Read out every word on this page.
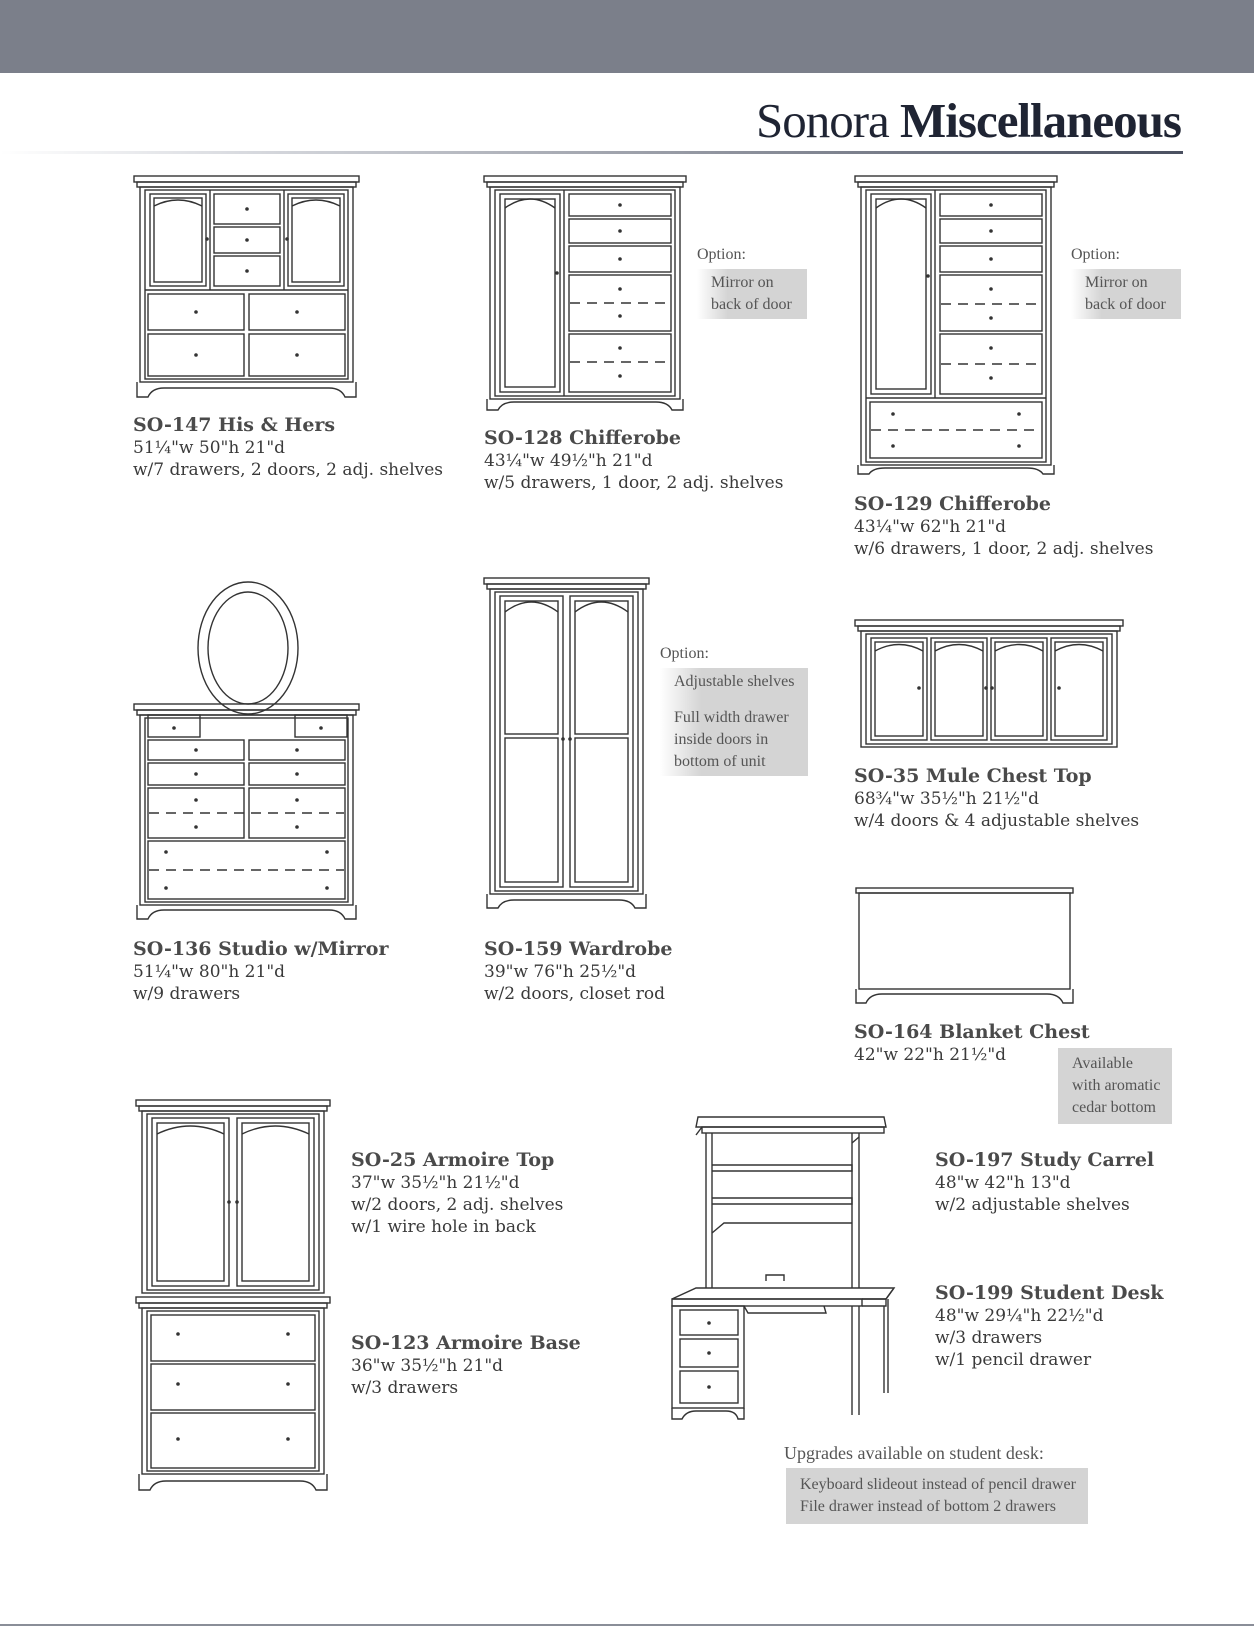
Sonora Miscellaneous
SO-147 His & Hers
51¼"w 50"h 21"d
w/7 drawers, 2 doors, 2 adj. shelves
Option:
Mirror on
back of door
SO-128 Chifferobe
43¼"w 49½"h 21"d
w/5 drawers, 1 door, 2 adj. shelves
Option:
Mirror on
back of door
SO-129 Chifferobe
43¼"w 62"h 21"d
w/6 drawers, 1 door, 2 adj. shelves
SO-136 Studio w/Mirror
51¼"w 80"h 21"d
w/9 drawers
Option:
Adjustable shelves
Full width drawer
inside doors in
bottom of unit
SO-159 Wardrobe
39"w 76"h 25½"d
w/2 doors, closet rod
SO-35 Mule Chest Top
68¾"w 35½"h 21½"d
w/4 doors & 4 adjustable shelves
SO-164 Blanket Chest
42"w 22"h 21½"d	Available
with aromatic
cedar bottom
SO-25 Armoire Top
37"w 35½"h 21½"d
w/2 doors, 2 adj. shelves
w/1 wire hole in back
SO-123 Armoire Base
36"w 35½"h 21"d
w/3 drawers
SO-197 Study Carrel
48"w 42"h 13"d
w/2 adjustable shelves
SO-199 Student Desk
48"w 29¼"h 22½"d
w/3 drawers
w/1 pencil drawer
Upgrades available on student desk:
Keyboard slideout instead of pencil drawer
File drawer instead of bottom 2 drawers
